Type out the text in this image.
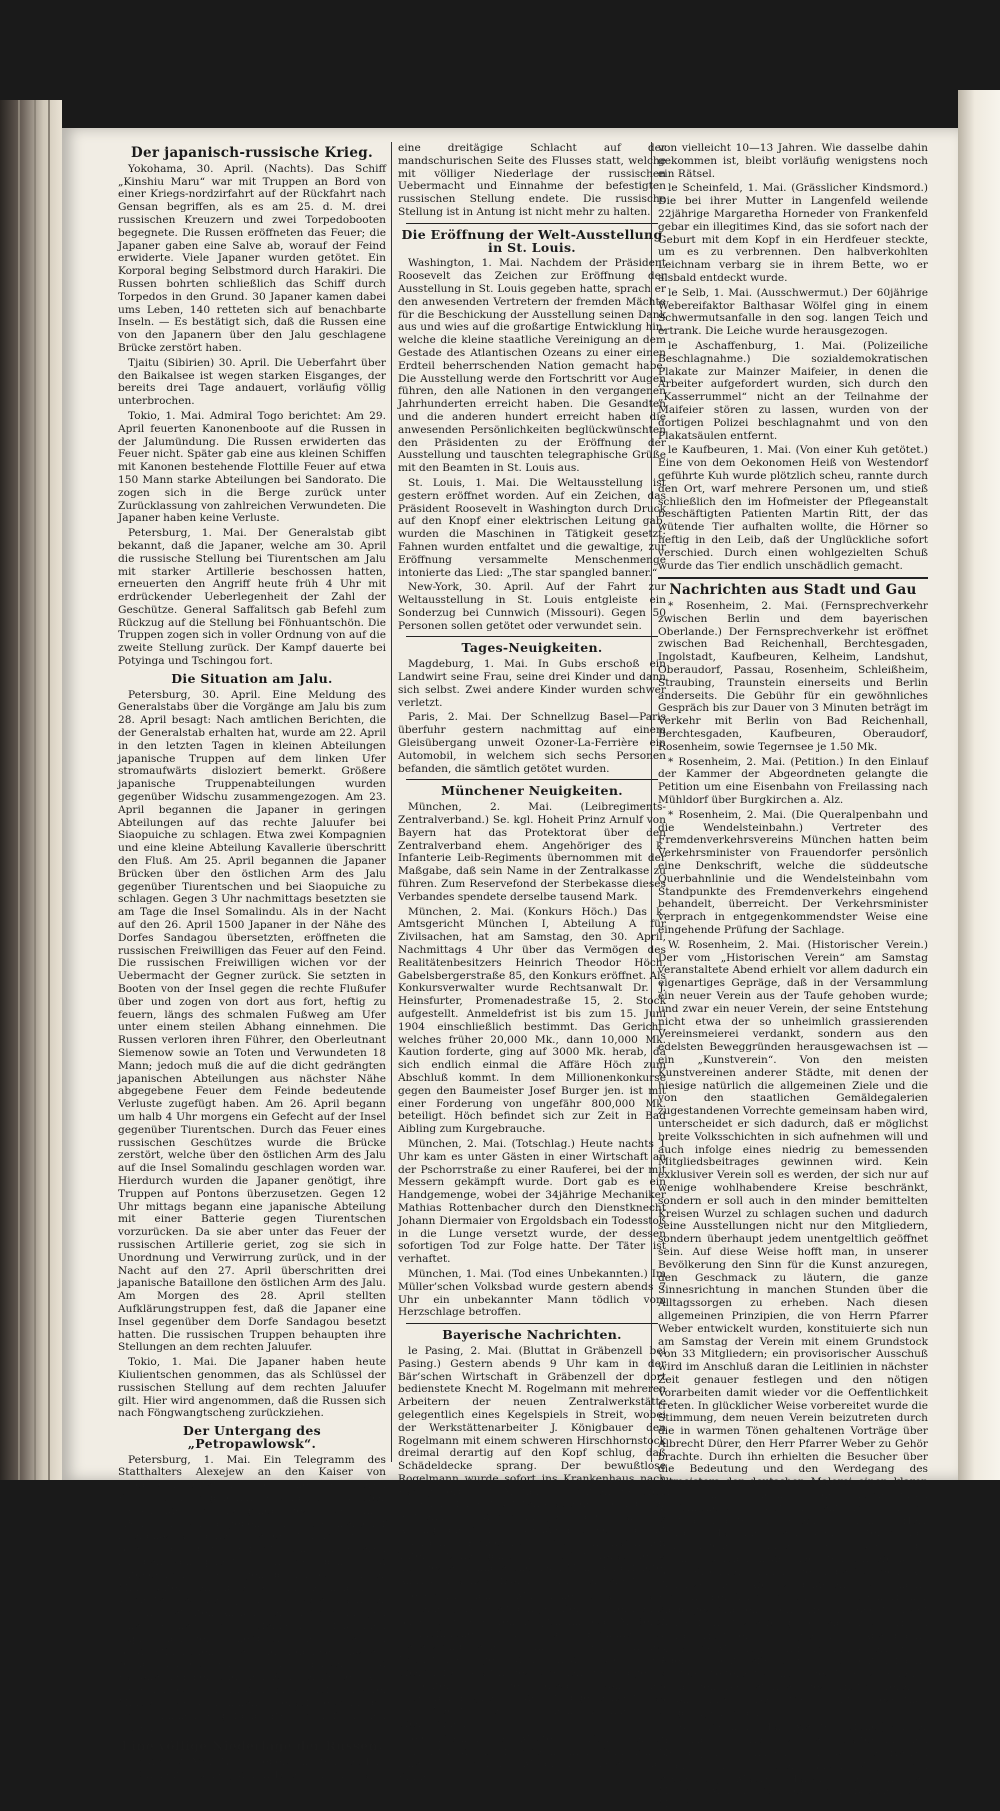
Der japanisch-russische Krieg.

Yokohama, 30. April. (Nachts). Das Schiff „Kinshiu Maru“ war mit Truppen an Bord von einer Kriegs-nordzirfahrt auf der Rückfahrt nach Gensan begriffen, als es am 25. d. M. drei russischen Kreuzern und zwei Torpedobooten begegnete. Die Russen eröffneten das Feuer; die Japaner gaben eine Salve ab, worauf der Feind erwiderte. Viele Japaner wurden getötet. Ein Korporal beging Selbstmord durch Harakiri. Die Russen bohrten schließlich das Schiff durch Torpedos in den Grund. 30 Japaner kamen dabei ums Leben, 140 retteten sich auf benachbarte Inseln. — Es bestätigt sich, daß die Russen eine von den Japanern über den Jalu geschlagene Brücke zerstört haben.

Tjaitu (Sibirien) 30. April. Die Ueberfahrt über den Baikalsee ist wegen starken Eisganges, der bereits drei Tage andauert, vorläufig völlig unterbrochen.

Tokio, 1. Mai. Admiral Togo berichtet: Am 29. April feuerten Kanonenboote auf die Russen in der Jalumündung. Die Russen erwiderten das Feuer nicht. Später gab eine aus kleinen Schiffen mit Kanonen bestehende Flottille Feuer auf etwa 150 Mann starke Abteilungen bei Sandorato. Die zogen sich in die Berge zurück unter Zurücklassung von zahlreichen Verwundeten. Die Japaner haben keine Verluste.

Petersburg, 1. Mai. Der Generalstab gibt bekannt, daß die Japaner, welche am 30. April die russische Stellung bei Tiurentschen am Jalu mit starker Artillerie beschossen hatten, erneuerten den Angriff heute früh 4 Uhr mit erdrückender Ueberlegenheit der Zahl der Geschütze. General Saffalitsch gab Befehl zum Rückzug auf die Stellung bei Fönhuantschön. Die Truppen zogen sich in voller Ordnung von auf die zweite Stellung zurück. Der Kampf dauerte bei Potyinga und Tschingou fort.

Die Situation am Jalu.

Petersburg, 30. April. Eine Meldung des Generalstabs über die Vorgänge am Jalu bis zum 28. April besagt: Nach amtlichen Berichten, die der Generalstab erhalten hat, wurde am 22. April in den letzten Tagen in kleinen Abteilungen japanische Truppen auf dem linken Ufer stromaufwärts disloziert bemerkt. Größere japanische Truppenabteilungen wurden gegenüber Widschu zusammengezogen. Am 23. April begannen die Japaner in geringen Abteilungen auf das rechte Jaluufer bei Siaopuiche zu schlagen. Etwa zwei Kompagnien und eine kleine Abteilung Kavallerie überschritt den Fluß. Am 25. April begannen die Japaner Brücken über den östlichen Arm des Jalu gegenüber Tiurentschen und bei Siaopuiche zu schlagen. Gegen 3 Uhr nachmittags besetzten sie am Tage die Insel Somalindu. Als in der Nacht auf den 26. April 1500 Japaner in der Nähe des Dorfes Sandagou übersetzten, eröffneten die russischen Freiwilligen das Feuer auf den Feind. Die russischen Freiwilligen wichen vor der Uebermacht der Gegner zurück. Sie setzten in Booten von der Insel gegen die rechte Flußufer über und zogen von dort aus fort, heftig zu feuern, längs des schmalen Fußweg am Ufer unter einem steilen Abhang einnehmen. Die Russen verloren ihren Führer, den Oberleutnant Siemenow sowie an Toten und Verwundeten 18 Mann; jedoch muß die auf die dicht gedrängten japanischen Abteilungen aus nächster Nähe abgegebene Feuer dem Feinde bedeutende Verluste zugefügt haben. Am 26. April begann um halb 4 Uhr morgens ein Gefecht auf der Insel gegenüber Tiurentschen. Durch das Feuer eines russischen Geschützes wurde die Brücke zerstört, welche über den östlichen Arm des Jalu auf die Insel Somalindu geschlagen worden war. Hierdurch wurden die Japaner genötigt, ihre Truppen auf Pontons überzusetzen. Gegen 12 Uhr mittags begann eine japanische Abteilung mit einer Batterie gegen Tiurentschen vorzurücken. Da sie aber unter das Feuer der russischen Artillerie geriet, zog sie sich in Unordnung und Verwirrung zurück, und in der Nacht auf den 27. April überschritten drei japanische Bataillone den östlichen Arm des Jalu. Am Morgen des 28. April stellten Aufklärungstruppen fest, daß die Japaner eine Insel gegenüber dem Dorfe Sandagou besetzt hatten. Die russischen Truppen behaupten ihre Stellungen an dem rechten Jaluufer.

Tokio, 1. Mai. Die Japaner haben heute Kiulientschen genommen, das als Schlüssel der russischen Stellung auf dem rechten Jaluufer gilt. Hier wird angenommen, daß die Russen sich nach Föngwangtscheng zurückziehen.

Der Untergang des „Petropawlowsk“.

Petersburg, 1. Mai. Ein Telegramm des Statthalters Alexejew an den Kaiser von vorgestern lautet: Die von einer besonderen Kommission vorgenommene Untersuchung über die Gründe des Unterganges des Panzerschiffs „Petropawlowsk“ ergeben, daß das Panzerschiff zweifellos auf eine Mine geraten ist, die im Bereich befand, die die Flotte zum Manöverieren zu benutzen pflegt, wenn sie dem Feind entgegenfährt. Die Folgen der Explosion dieser Mine unter den Apparaten und Kammern im Vorderteil des „Petropawlowsk“ waren nach der von mir geteilten Ansicht der Sachverständigen eine Reihe von aufeinander folgenden Explosionen der Schießbaumwolle in den an Bord befindlichen Minen und in den Geschossen, sowie Explosionen in der Pulver- und Patronenkammer und den Zylinder-Kessel. Alle diese Explosionen wurden im Verlauf von zwei Minuten wahrgenommen. Hierauf versank das von Flammen ergriffene Panzerschiff in den Fluten.

Eine völlige Niederlage der Russen.

London, 2. Mai. Nach Ueberschreiten des Jalu bei Chinantienschang durch 16,000 Japaner fand

eine dreitägige Schlacht auf der mandschurischen Seite des Flusses statt, welche mit völliger Niederlage der russischen Uebermacht und Einnahme der befestigten russischen Stellung endete. Die russische Stellung ist in Antung ist nicht mehr zu halten.

Die Eröffnung der Welt-Ausstellung in St. Louis.

Washington, 1. Mai. Nachdem der Präsident Roosevelt das Zeichen zur Eröffnung der Ausstellung in St. Louis gegeben hatte, sprach er den anwesenden Vertretern der fremden Mächte für die Beschickung der Ausstellung seinen Dank aus und wies auf die großartige Entwicklung hin, welche die kleine staatliche Vereinigung an dem Gestade des Atlantischen Ozeans zu einer einen Erdteil beherrschenden Nation gemacht habe. Die Ausstellung werde den Fortschritt vor Augen führen, den alle Nationen in den vergangenen Jahrhunderten erreicht haben. Die Gesandten und die anderen hundert erreicht haben die anwesenden Persönlichkeiten beglückwünschten den Präsidenten zu der Eröffnung der Ausstellung und tauschten telegraphische Grüße mit den Beamten in St. Louis aus.

St. Louis, 1. Mai. Die Weltausstellung ist gestern eröffnet worden. Auf ein Zeichen, das Präsident Roosevelt in Washington durch Druck auf den Knopf einer elektrischen Leitung gab, wurden die Maschinen in Tätigkeit gesetzt; Fahnen wurden entfaltet und die gewaltige, zur Eröffnung versammelte Menschenmenge intonierte das Lied: „The star spangled banner.“

New-York, 30. April. Auf der Fahrt zur Weltausstellung in St. Louis entgleiste ein Sonderzug bei Cunnwich (Missouri). Gegen 50 Personen sollen getötet oder verwundet sein.

Tages-Neuigkeiten.

Magdeburg, 1. Mai. In Gubs erschoß ein Landwirt seine Frau, seine drei Kinder und dann sich selbst. Zwei andere Kinder wurden schwer verletzt.

Paris, 2. Mai. Der Schnellzug Basel—Paris überfuhr gestern nachmittag auf einem Gleisübergang unweit Ozoner-La-Ferrière ein Automobil, in welchem sich sechs Personen befanden, die sämtlich getötet wurden.

Münchener Neuigkeiten.

München, 2. Mai. (Leibregiments-Zentralverband.) Se. kgl. Hoheit Prinz Arnulf von Bayern hat das Protektorat über den Zentralverband ehem. Angehöriger des k. Infanterie Leib-Regiments übernommen mit der Maßgabe, daß sein Name in der Zentralkasse zu führen. Zum Reservefond der Sterbekasse dieses Verbandes spendete derselbe tausend Mark.

München, 2. Mai. (Konkurs Höch.) Das k. Amtsgericht München I, Abteilung A für Zivilsachen, hat am Samstag, den 30. April, Nachmittags 4 Uhr über das Vermögen des Realitätenbesitzers Heinrich Theodor Höch, Gabelsbergerstraße 85, den Konkurs eröffnet. Als Konkursverwalter wurde Rechtsanwalt Dr. J. Heinsfurter, Promenadestraße 15, 2. Stock aufgestellt. Anmeldefrist ist bis zum 15. Juni 1904 einschließlich bestimmt. Das Gericht, welches früher 20,000 Mk., dann 10,000 Mk. Kaution forderte, ging auf 3000 Mk. herab, da sich endlich einmal die Affäre Höch zum Abschluß kommt. In dem Millionenkonkurse gegen den Baumeister Josef Burger jen. ist mit einer Forderung von ungefähr 800,000 Mk. beteiligt. Höch befindet sich zur Zeit in Bad Aibling zum Kurgebrauche.

München, 2. Mai. (Totschlag.) Heute nachts 1 Uhr kam es unter Gästen in einer Wirtschaft an der Pschorrstraße zu einer Rauferei, bei der mit Messern gekämpft wurde. Dort gab es ein Handgemenge, wobei der 34jährige Mechaniker Mathias Rottenbacher durch den Dienstknecht Johann Diermaier von Ergoldsbach ein Todesstoß in die Lunge versetzt wurde, der dessen sofortigen Tod zur Folge hatte. Der Täter ist verhaftet.

München, 1. Mai. (Tod eines Unbekannten.) Im Müller’schen Volksbad wurde gestern abends 7 Uhr ein unbekannter Mann tödlich vom Herzschlage betroffen.

Bayerische Nachrichten.

le Pasing, 2. Mai. (Bluttat in Gräbenzell bei Pasing.) Gestern abends 9 Uhr kam in der Bär’schen Wirtschaft in Gräbenzell der dort bedienstete Knecht M. Rogelmann mit mehreren Arbeitern der neuen Zentralwerkstätte gelegentlich eines Kegelspiels in Streit, wobei der Werkstättenarbeiter J. Königbauer den Rogelmann mit einem schweren Hirschhornstock dreimal derartig auf den Kopf schlug, daß Schädeldecke sprang. Der bewußtlose Rogelmann wurde sofort ins Krankenhaus nach Pasing verbracht. Mittlerweile hatten die über diesen Vorfall entrüsteten Gäste den Königbauer festgehalten und verständigten die Gendarmerie Aubing telephonisch. Gendarm Stieg eilte mit noch einem Kollegen zum Tatort und nahm den Täter trotz heftigen Sträubens fest, worauf heute früh dessen Einlieferung nach München erfolgte. An Rogelmanns Aufkommen wird gezweifelt.

le Pfarrkirchen, 1. Mai. (Einer für alle — alle für einen.) Der seit einiger Zeit schwerkranke Bauer und Feuerwehrhauptmann Josef Meßerer in Taufkirchen ist durch seine Krankheit der Gegenstand einer wohl seltenen, schönen Nächstenliebe geworden. Um der durch Arbeit überhäuften Gattin des Kranken die Pflege zu erleichtern, wurde dieser von den Feuerwehrmitgliedern derart abgewechselt, daß die Nachtwache bei dem Kranken zu übernehmen.

le Grafrath, 1. Mai. (Mysteriöser Fund.) Bei der Einfahrt in der Dorfstraße in Jnning fand man in einer Tiefe von 1½ Meter das Skelett eines Kindes

von vielleicht 10—13 Jahren. Wie dasselbe dahin gekommen ist, bleibt vorläufig wenigstens noch ein Rätsel.

le Scheinfeld, 1. Mai. (Grässlicher Kindsmord.) Die bei ihrer Mutter in Langenfeld weilende 22jährige Margaretha Horneder von Frankenfeld gebar ein illegitimes Kind, das sie sofort nach der Geburt mit dem Kopf in ein Herdfeuer steckte, um es zu verbrennen. Den halbverkohlten Leichnam verbarg sie in ihrem Bette, wo er alsbald entdeckt wurde.

le Selb, 1. Mai. (Ausschwermut.) Der 60jährige Webereifaktor Balthasar Wölfel ging in einem Schwermutsanfalle in den sog. langen Teich und ertrank. Die Leiche wurde herausgezogen.

le Aschaffenburg, 1. Mai. (Polizeiliche Beschlagnahme.) Die sozialdemokratischen Plakate zur Mainzer Maifeier, in denen die Arbeiter aufgefordert wurden, sich durch den „Kasserrummel“ nicht an der Teilnahme der Maifeier stören zu lassen, wurden von der dortigen Polizei beschlagnahmt und von den Plakatsäulen entfernt.

le Kaufbeuren, 1. Mai. (Von einer Kuh getötet.) Eine von dem Oekonomen Heiß von Westendorf geführte Kuh wurde plötzlich scheu, rannte durch den Ort, warf mehrere Personen um, und stieß schließlich den im Hofmeister der Pflegeanstalt beschäftigten Patienten Martin Ritt, der das wütende Tier aufhalten wollte, die Hörner so heftig in den Leib, daß der Unglückliche sofort verschied. Durch einen wohlgezielten Schuß wurde das Tier endlich unschädlich gemacht.

Nachrichten aus Stadt und Gau

* Rosenheim, 2. Mai. (Fernsprechverkehr zwischen Berlin und dem bayerischen Oberlande.) Der Fernsprechverkehr ist eröffnet zwischen Bad Reichenhall, Berchtesgaden, Ingolstadt, Kaufbeuren, Kelheim, Landshut, Oberaudorf, Passau, Rosenheim, Schleißheim, Straubing, Traunstein einerseits und Berlin anderseits. Die Gebühr für ein gewöhnliches Gespräch bis zur Dauer von 3 Minuten beträgt im Verkehr mit Berlin von Bad Reichenhall, Berchtesgaden, Kaufbeuren, Oberaudorf, Rosenheim, sowie Tegernsee je 1.50 Mk.

* Rosenheim, 2. Mai. (Petition.) In den Einlauf der Kammer der Abgeordneten gelangte die Petition um eine Eisenbahn von Freilassing nach Mühldorf über Burgkirchen a. Alz.

* Rosenheim, 2. Mai. (Die Queralpenbahn und die Wendelsteinbahn.) Vertreter des Fremdenverkehrsvereins München hatten beim Verkehrsminister von Frauendorfer persönlich eine Denkschrift, welche die süddeutsche Querbahnlinie und die Wendelsteinbahn vom Standpunkte des Fremdenverkehrs eingehend behandelt, überreicht. Der Verkehrsminister verprach in entgegenkommendster Weise eine eingehende Prüfung der Sachlage.

W. Rosenheim, 2. Mai. (Historischer Verein.) Der vom „Historischen Verein“ am Samstag veranstaltete Abend erhielt vor allem dadurch ein eigenartiges Gepräge, daß in der Versammlung ein neuer Verein aus der Taufe gehoben wurde; und zwar ein neuer Verein, der seine Entstehung nicht etwa der so unheimlich grassierenden Vereinsmeierei verdankt, sondern aus den edelsten Beweggründen herausgewachsen ist — ein „Kunstverein“. Von den meisten Kunstvereinen anderer Städte, mit denen der hiesige natürlich die allgemeinen Ziele und die von den staatlichen Gemäldegalerien zugestandenen Vorrechte gemeinsam haben wird, unterscheidet er sich dadurch, daß er möglichst breite Volksschichten in sich aufnehmen will und auch infolge eines niedrig zu bemessenden Mitgliedsbeitrages gewinnen wird. Kein exklusiver Verein soll es werden, der sich nur auf wenige wohlhabendere Kreise beschränkt, sondern er soll auch in den minder bemittelten Kreisen Wurzel zu schlagen suchen und dadurch seine Ausstellungen nicht nur den Mitgliedern, sondern überhaupt jedem unentgeltlich geöffnet sein. Auf diese Weise hofft man, in unserer Bevölkerung den Sinn für die Kunst anzuregen, den Geschmack zu läutern, die ganze Sinnesrichtung in manchen Stunden über die Alltagssorgen zu erheben. Nach diesen allgemeinen Prinzipien, die von Herrn Pfarrer Weber entwickelt wurden, konstituierte sich nun am Samstag der Verein mit einem Grundstock von 33 Mitgliedern; ein provisorischer Ausschuß wird im Anschluß daran die Leitlinien in nächster Zeit genauer festlegen und den nötigen Vorarbeiten damit wieder vor die Oeffentlichkeit treten. In glücklicher Weise vorbereitet wurde die Stimmung, dem neuen Verein beizutreten durch die in warmen Tönen gehaltenen Vorträge über Albrecht Dürer, den Herr Pfarrer Weber zu Gehör brachte. Durch ihn erhielten die Besucher über die Bedeutung und den Werdegang des Altmeisters der deutschen Malerei einen klaren Ueberblick, der noch gefördert wurde durch Vorführung von 27 guten Projektionsbildern. Das Weitere lieferte an diesem Abend noch Herr Lehrer Mauckner ein ganz interessantes Kulturbildchen, indem er über die Eremitenschulen in der nächsten Umgebung (z. B. in Kirchwald und in der Biber) sprach. Am Schlusse des Abends bildeten zwei kleine Rosenheimer Theaterstücke, mit gutem Humor niedergeschrieben von Herrn Rechtsanwalt Schnepf in Wasserburg, vorgelesen von Herrn Lehrer Hutterer. So zeigte dieser Abend eine glückliche Mischung von Ernst und Scherz, die in jeder Hinsicht gefiel und die Aussicht auf eine kräftige Weiterentwicklung des Vereins gewährt, sowie den Darbietungen des „Histor. Vereins“ schon ihrer Beliebtheit mit wesentlich beigetragen haben.

* Rosenheim, 2. Mai. (Meisterprüfung.) An der im kleinen Rathaussaale stattgefundenen Meisterprüfung haben sich folgende Herren beteiligt: Die Maurer Anton Wager von Wasserburg, Maurer Markus Eder von hier, Maurer Martin Gaßteiger von Brannenburg, Maurer
